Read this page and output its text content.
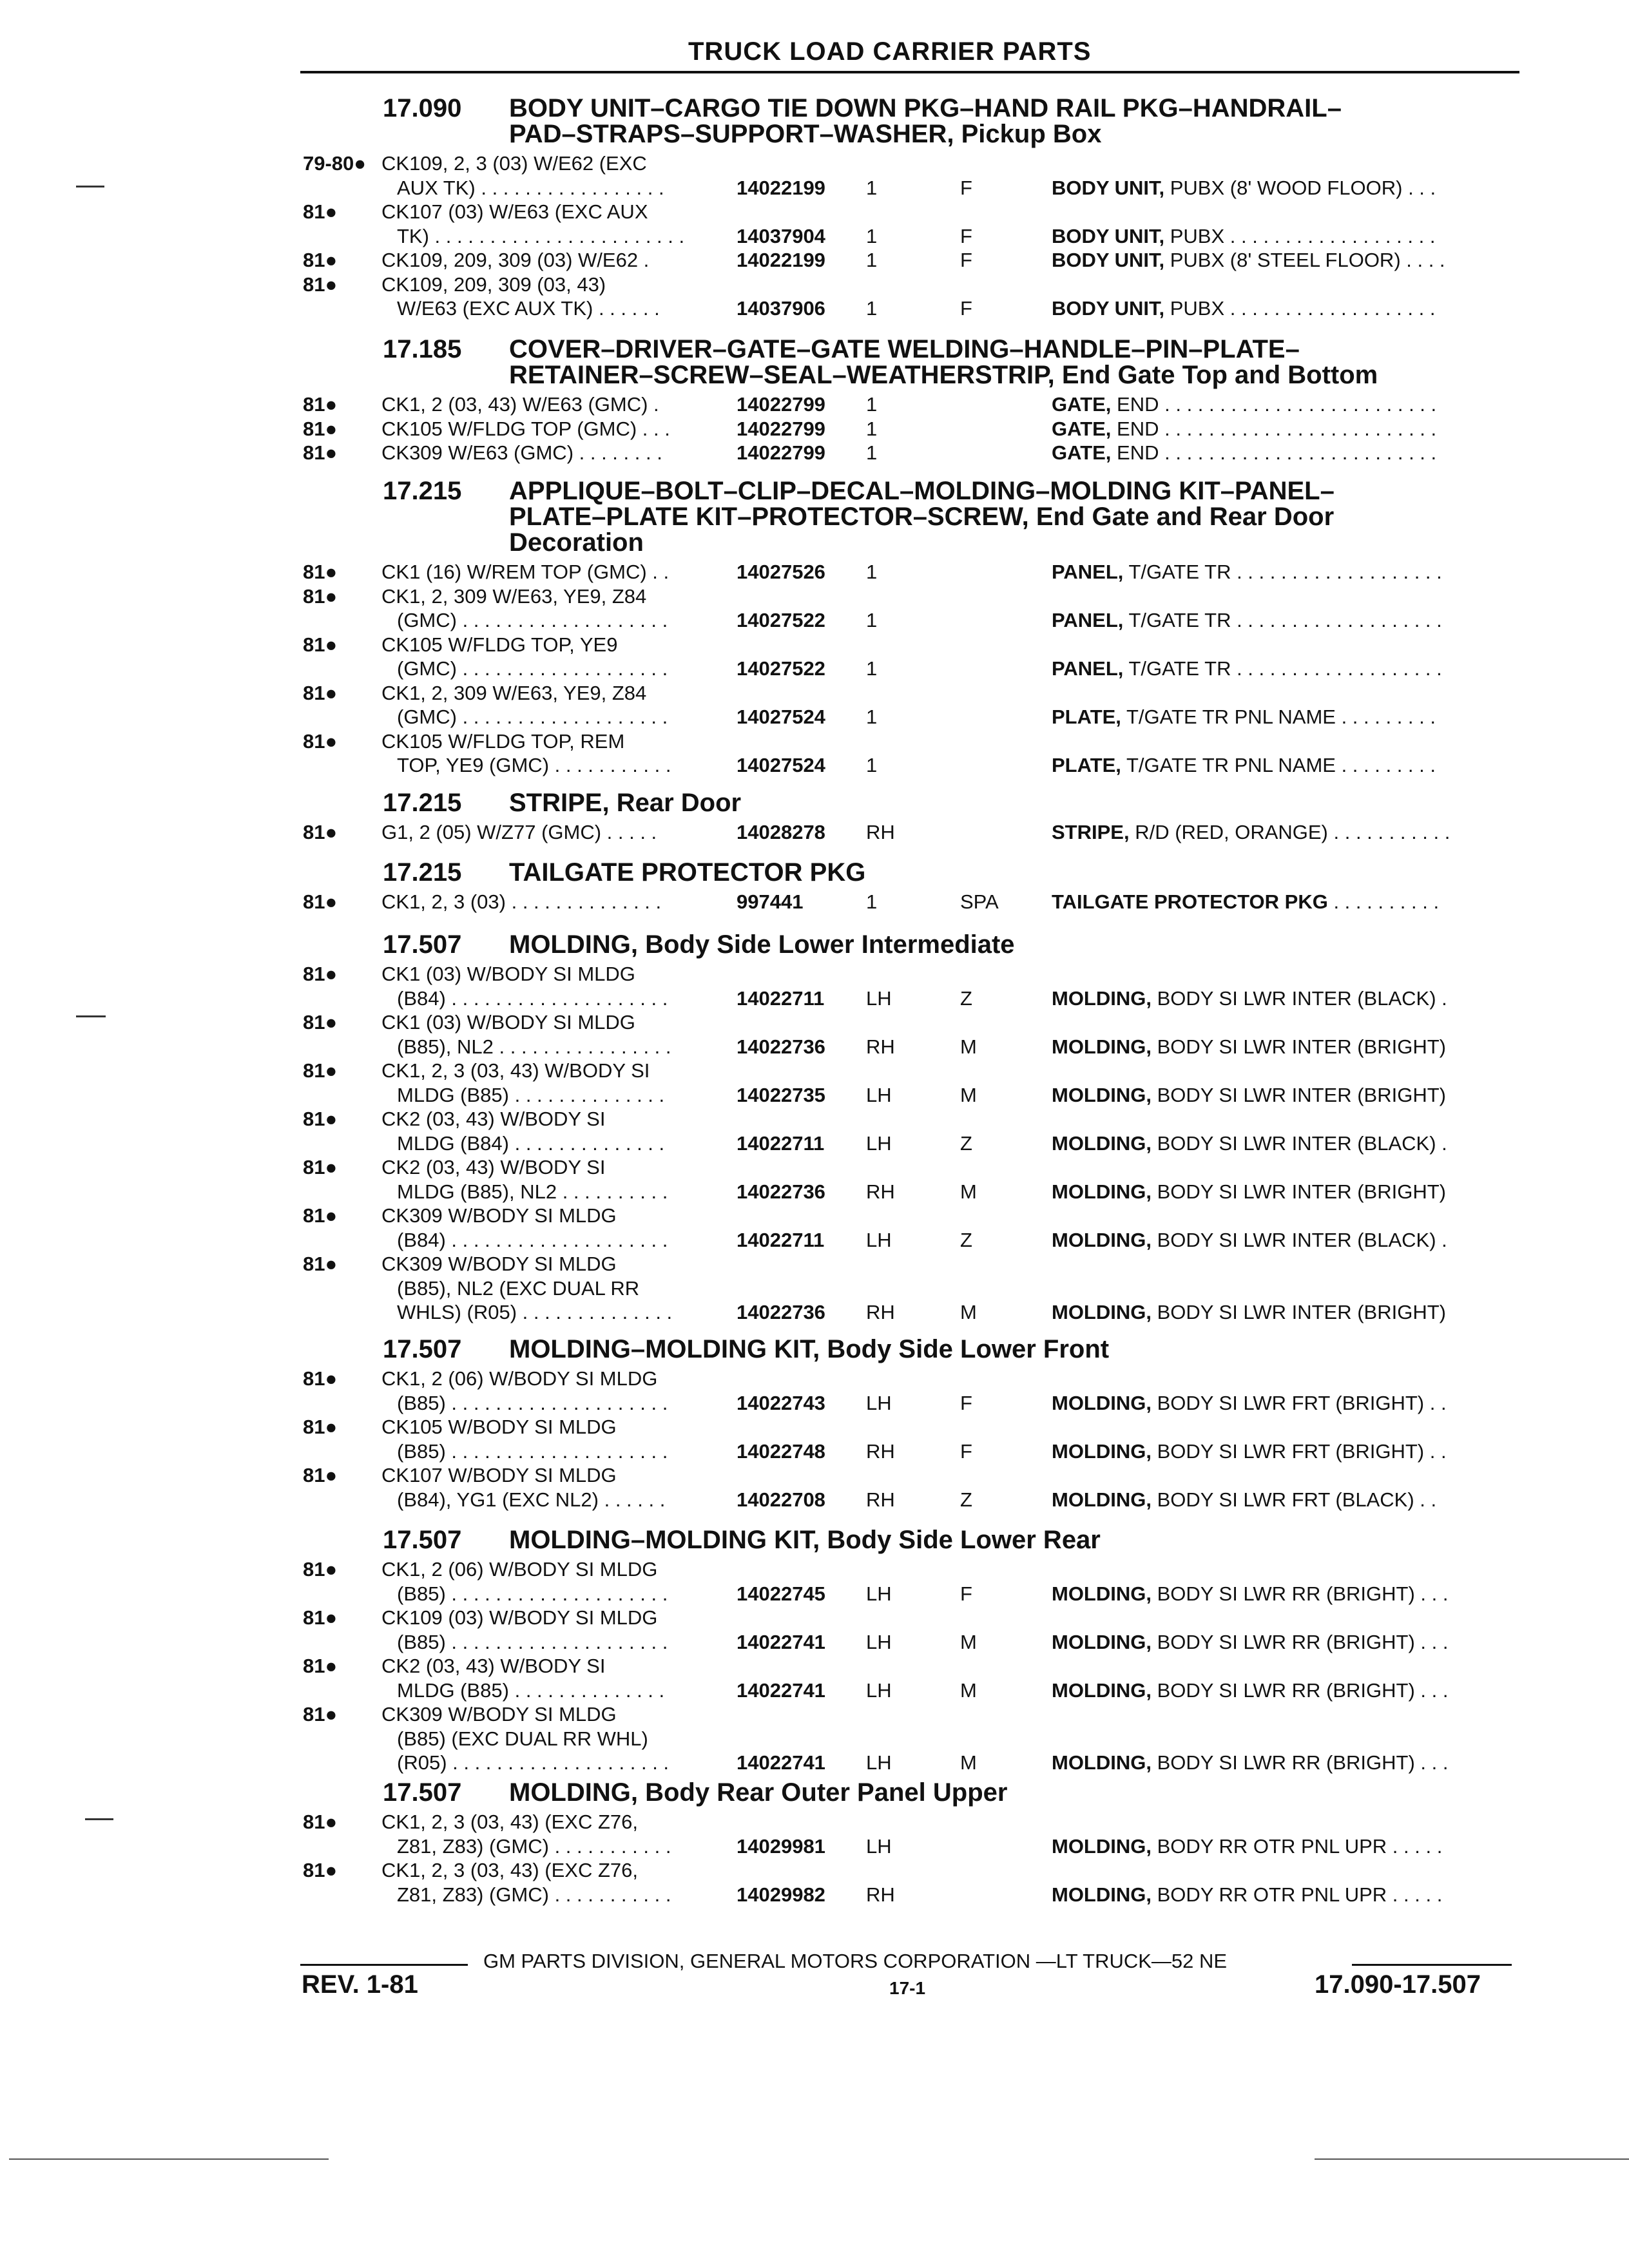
TRUCK LOAD CARRIER PARTS
17.090 BODY UNIT–CARGO TIE DOWN PKG–HAND RAIL PKG–HANDRAIL–
PAD–STRAPS–SUPPORT–WASHER, Pickup Box
79-80● CK109, 2, 3 (03) W/E62 (EXC
AUX TK) . . . . . . . . . . . . . . . . .	14022199 1	F	BODY UNIT, PUBX (8' WOOD FLOOR) . . .
81● CK107 (03) W/E63 (EXC AUX
TK) . . . . . . . . . . . . . . . . . . . . . . .	14037904 1	F	BODY UNIT, PUBX . . . . . . . . . . . . . . . . . . .
81● CK109, 209, 309 (03) W/E62 .	14022199 1	F	BODY UNIT, PUBX (8' STEEL FLOOR) . . . .
81● CK109, 209, 309 (03, 43)
W/E63 (EXC AUX TK) . . . . . .	14037906 1	F	BODY UNIT, PUBX . . . . . . . . . . . . . . . . . . .
17.185 COVER–DRIVER–GATE–GATE WELDING–HANDLE–PIN–PLATE–
RETAINER–SCREW–SEAL–WEATHERSTRIP, End Gate Top and Bottom
81● CK1, 2 (03, 43) W/E63 (GMC) .	14022799 1	GATE, END . . . . . . . . . . . . . . . . . . . . . . . . .
81● CK105 W/FLDG TOP (GMC) . . .	14022799 1	GATE, END . . . . . . . . . . . . . . . . . . . . . . . . .
81● CK309 W/E63 (GMC) . . . . . . . .	14022799 1	GATE, END . . . . . . . . . . . . . . . . . . . . . . . . .
17.215 APPLIQUE–BOLT–CLIP–DECAL–MOLDING–MOLDING KIT–PANEL–
PLATE–PLATE KIT–PROTECTOR–SCREW, End Gate and Rear Door
Decoration
81● CK1 (16) W/REM TOP (GMC) . .	14027526 1	PANEL, T/GATE TR . . . . . . . . . . . . . . . . . . .
81● CK1, 2, 309 W/E63, YE9, Z84
(GMC) . . . . . . . . . . . . . . . . . . .	14027522 1	PANEL, T/GATE TR . . . . . . . . . . . . . . . . . . .
81● CK105 W/FLDG TOP, YE9
(GMC) . . . . . . . . . . . . . . . . . . .	14027522 1	PANEL, T/GATE TR . . . . . . . . . . . . . . . . . . .
81● CK1, 2, 309 W/E63, YE9, Z84
(GMC) . . . . . . . . . . . . . . . . . . .	14027524 1	PLATE, T/GATE TR PNL NAME . . . . . . . . .
81● CK105 W/FLDG TOP, REM
TOP, YE9 (GMC) . . . . . . . . . . .	14027524 1	PLATE, T/GATE TR PNL NAME . . . . . . . . .
17.215 STRIPE, Rear Door
81● G1, 2 (05) W/Z77 (GMC) . . . . .	14028278 RH	STRIPE, R/D (RED, ORANGE) . . . . . . . . . . .
17.215 TAILGATE PROTECTOR PKG
81● CK1, 2, 3 (03) . . . . . . . . . . . . . .	997441	1	SPA	TAILGATE PROTECTOR PKG . . . . . . . . . .
17.507 MOLDING, Body Side Lower Intermediate
81● CK1 (03) W/BODY SI MLDG
(B84) . . . . . . . . . . . . . . . . . . . .	14022711 LH	Z	MOLDING, BODY SI LWR INTER (BLACK) .
81● CK1 (03) W/BODY SI MLDG
(B85), NL2 . . . . . . . . . . . . . . . .	14022736 RH	M	MOLDING, BODY SI LWR INTER (BRIGHT)
81● CK1, 2, 3 (03, 43) W/BODY SI
MLDG (B85) . . . . . . . . . . . . . .	14022735 LH	M	MOLDING, BODY SI LWR INTER (BRIGHT)
81● CK2 (03, 43) W/BODY SI
MLDG (B84) . . . . . . . . . . . . . .	14022711 LH	Z	MOLDING, BODY SI LWR INTER (BLACK) .
81● CK2 (03, 43) W/BODY SI
MLDG (B85), NL2 . . . . . . . . . .	14022736 RH	M	MOLDING, BODY SI LWR INTER (BRIGHT)
81● CK309 W/BODY SI MLDG
(B84) . . . . . . . . . . . . . . . . . . . .	14022711 LH	Z	MOLDING, BODY SI LWR INTER (BLACK) .
81● CK309 W/BODY SI MLDG
(B85), NL2 (EXC DUAL RR
WHLS) (R05) . . . . . . . . . . . . . .	14022736 RH	M	MOLDING, BODY SI LWR INTER (BRIGHT)
17.507 MOLDING–MOLDING KIT, Body Side Lower Front
81● CK1, 2 (06) W/BODY SI MLDG
(B85) . . . . . . . . . . . . . . . . . . . .	14022743 LH	F	MOLDING, BODY SI LWR FRT (BRIGHT) . .
81● CK105 W/BODY SI MLDG
(B85) . . . . . . . . . . . . . . . . . . . .	14022748 RH	F	MOLDING, BODY SI LWR FRT (BRIGHT) . .
81● CK107 W/BODY SI MLDG
(B84), YG1 (EXC NL2) . . . . . .	14022708 RH	Z	MOLDING, BODY SI LWR FRT (BLACK) . .
17.507 MOLDING–MOLDING KIT, Body Side Lower Rear
81● CK1, 2 (06) W/BODY SI MLDG
(B85) . . . . . . . . . . . . . . . . . . . .	14022745 LH	F	MOLDING, BODY SI LWR RR (BRIGHT) . . .
81● CK109 (03) W/BODY SI MLDG
(B85) . . . . . . . . . . . . . . . . . . . .	14022741 LH	M	MOLDING, BODY SI LWR RR (BRIGHT) . . .
81● CK2 (03, 43) W/BODY SI
MLDG (B85) . . . . . . . . . . . . . .	14022741 LH	M	MOLDING, BODY SI LWR RR (BRIGHT) . . .
81● CK309 W/BODY SI MLDG
(B85) (EXC DUAL RR WHL)
(R05) . . . . . . . . . . . . . . . . . . . .	14022741 LH	M	MOLDING, BODY SI LWR RR (BRIGHT) . . .
17.507 MOLDING, Body Rear Outer Panel Upper
81● CK1, 2, 3 (03, 43) (EXC Z76,
Z81, Z83) (GMC) . . . . . . . . . . .	14029981 LH	MOLDING, BODY RR OTR PNL UPR . . . . .
81● CK1, 2, 3 (03, 43) (EXC Z76,
Z81, Z83) (GMC) . . . . . . . . . . .	14029982 RH	MOLDING, BODY RR OTR PNL UPR . . . . .
GM PARTS DIVISION, GENERAL MOTORS CORPORATION —LT TRUCK—52 NE
REV. 1-81	17-1	17.090-17.507
